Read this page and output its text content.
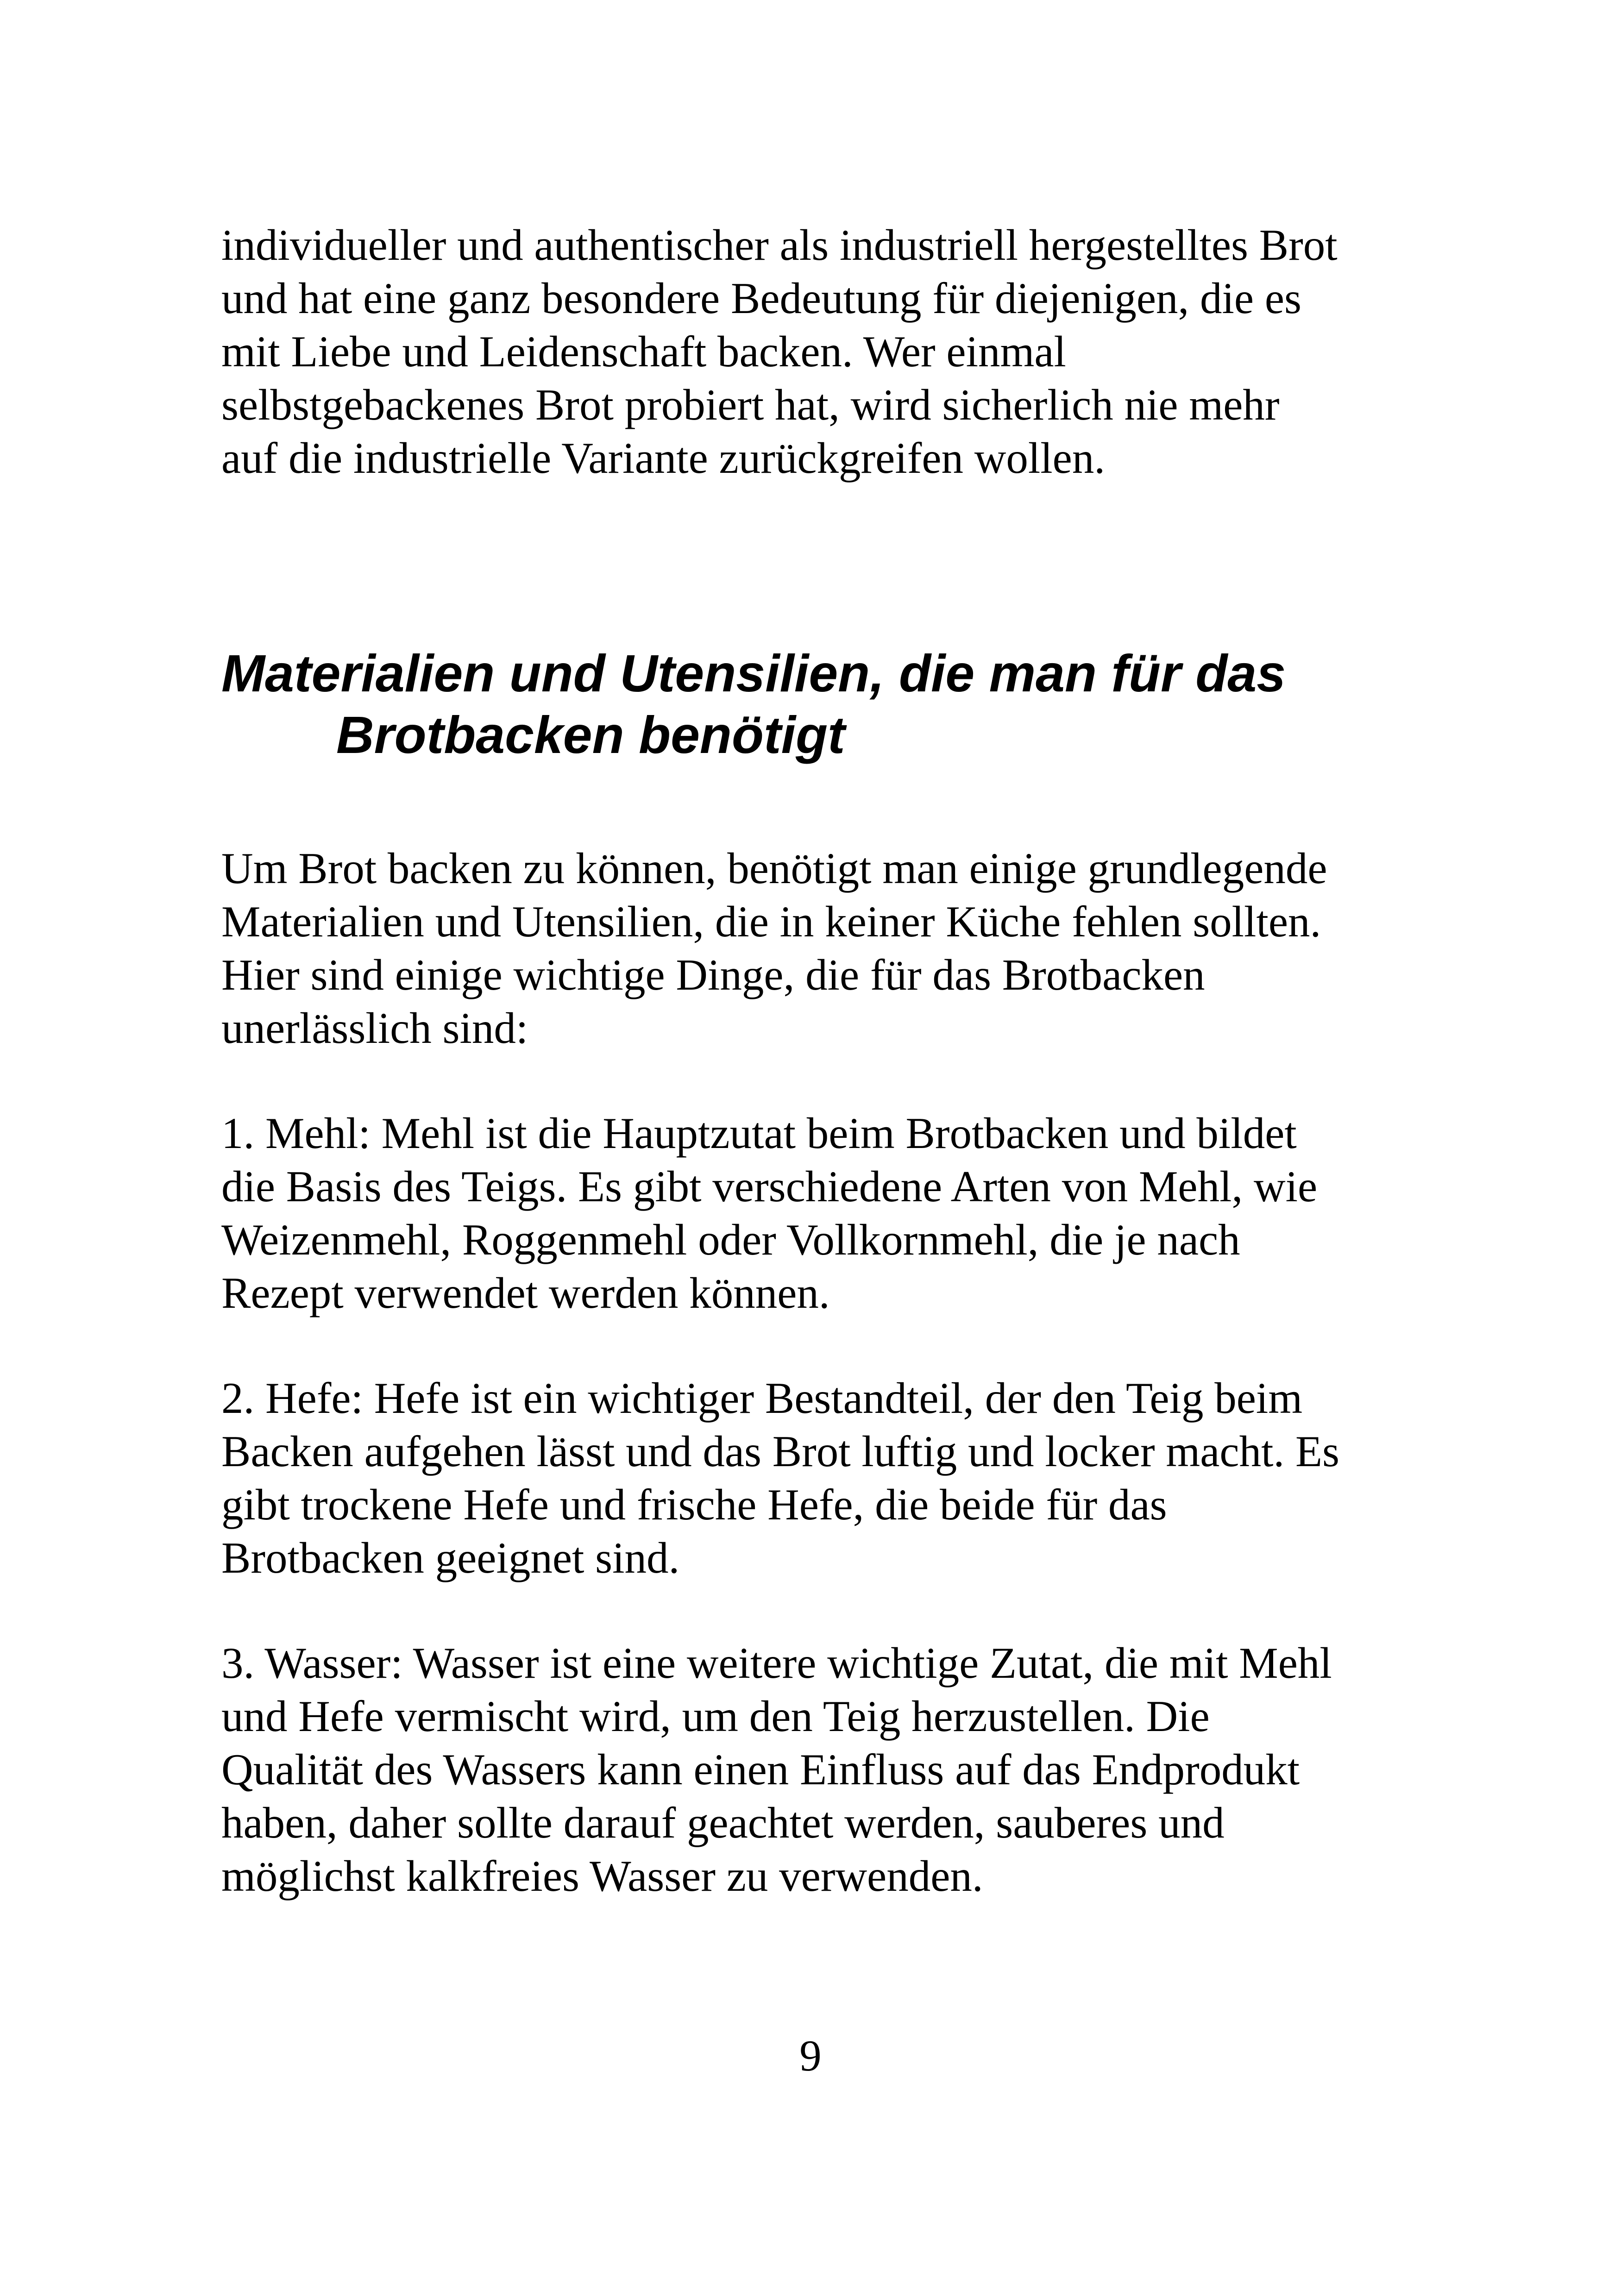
individueller und authentischer als industriell hergestelltes Brot
und hat eine ganz besondere Bedeutung für diejenigen, die es
mit Liebe und Leidenschaft backen. Wer einmal
selbstgebackenes Brot probiert hat, wird sicherlich nie mehr
auf die industrielle Variante zurückgreifen wollen.

Materialien und Utensilien, die man für das
Brotbacken benötigt

Um Brot backen zu können, benötigt man einige grundlegende
Materialien und Utensilien, die in keiner Küche fehlen sollten.
Hier sind einige wichtige Dinge, die für das Brotbacken
unerlässlich sind:

1. Mehl: Mehl ist die Hauptzutat beim Brotbacken und bildet
die Basis des Teigs. Es gibt verschiedene Arten von Mehl, wie
Weizenmehl, Roggenmehl oder Vollkornmehl, die je nach
Rezept verwendet werden können.

2. Hefe: Hefe ist ein wichtiger Bestandteil, der den Teig beim
Backen aufgehen lässt und das Brot luftig und locker macht. Es
gibt trockene Hefe und frische Hefe, die beide für das
Brotbacken geeignet sind.

3. Wasser: Wasser ist eine weitere wichtige Zutat, die mit Mehl
und Hefe vermischt wird, um den Teig herzustellen. Die
Qualität des Wassers kann einen Einfluss auf das Endprodukt
haben, daher sollte darauf geachtet werden, sauberes und
möglichst kalkfreies Wasser zu verwenden.

9
